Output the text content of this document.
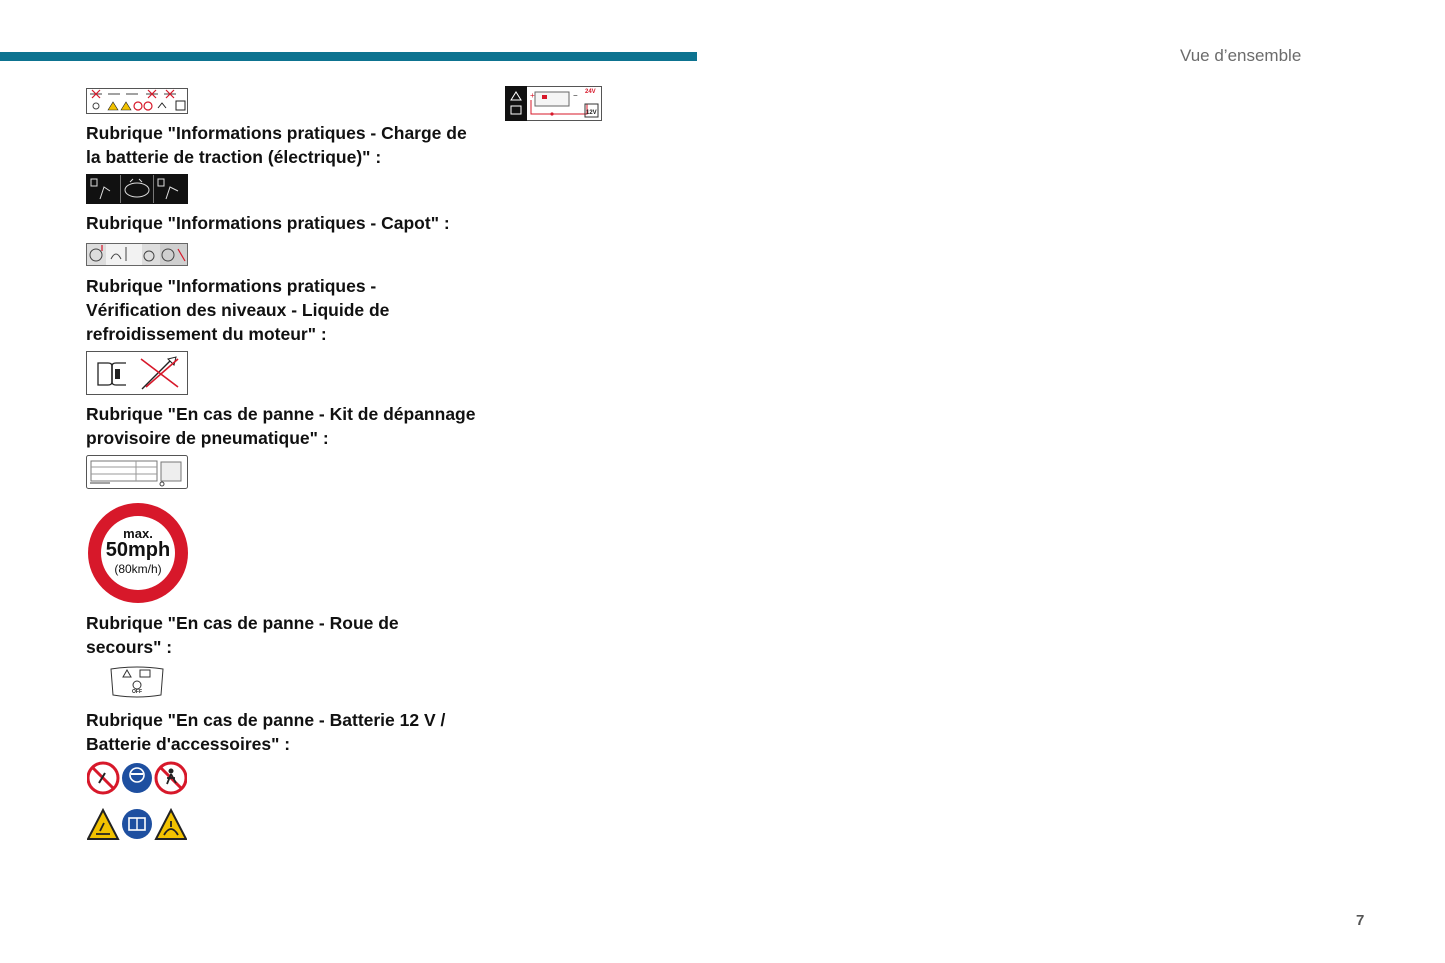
Vue d’ensemble
Rubrique "Informations pratiques - Charge de la batterie de traction (électrique)" :
Rubrique "Informations pratiques - Capot" :
Rubrique "Informations pratiques - Vérification des niveaux - Liquide de refroidissement du moteur" :
Rubrique "En cas de panne - Kit de dépannage provisoire de pneumatique" :
max.
50mph
(80km/h)
Rubrique "En cas de panne - Roue de secours" :
OFF
Rubrique "En cas de panne - Batterie 12 V / Batterie d'accessoires" :
+	− 24V
12V
7
